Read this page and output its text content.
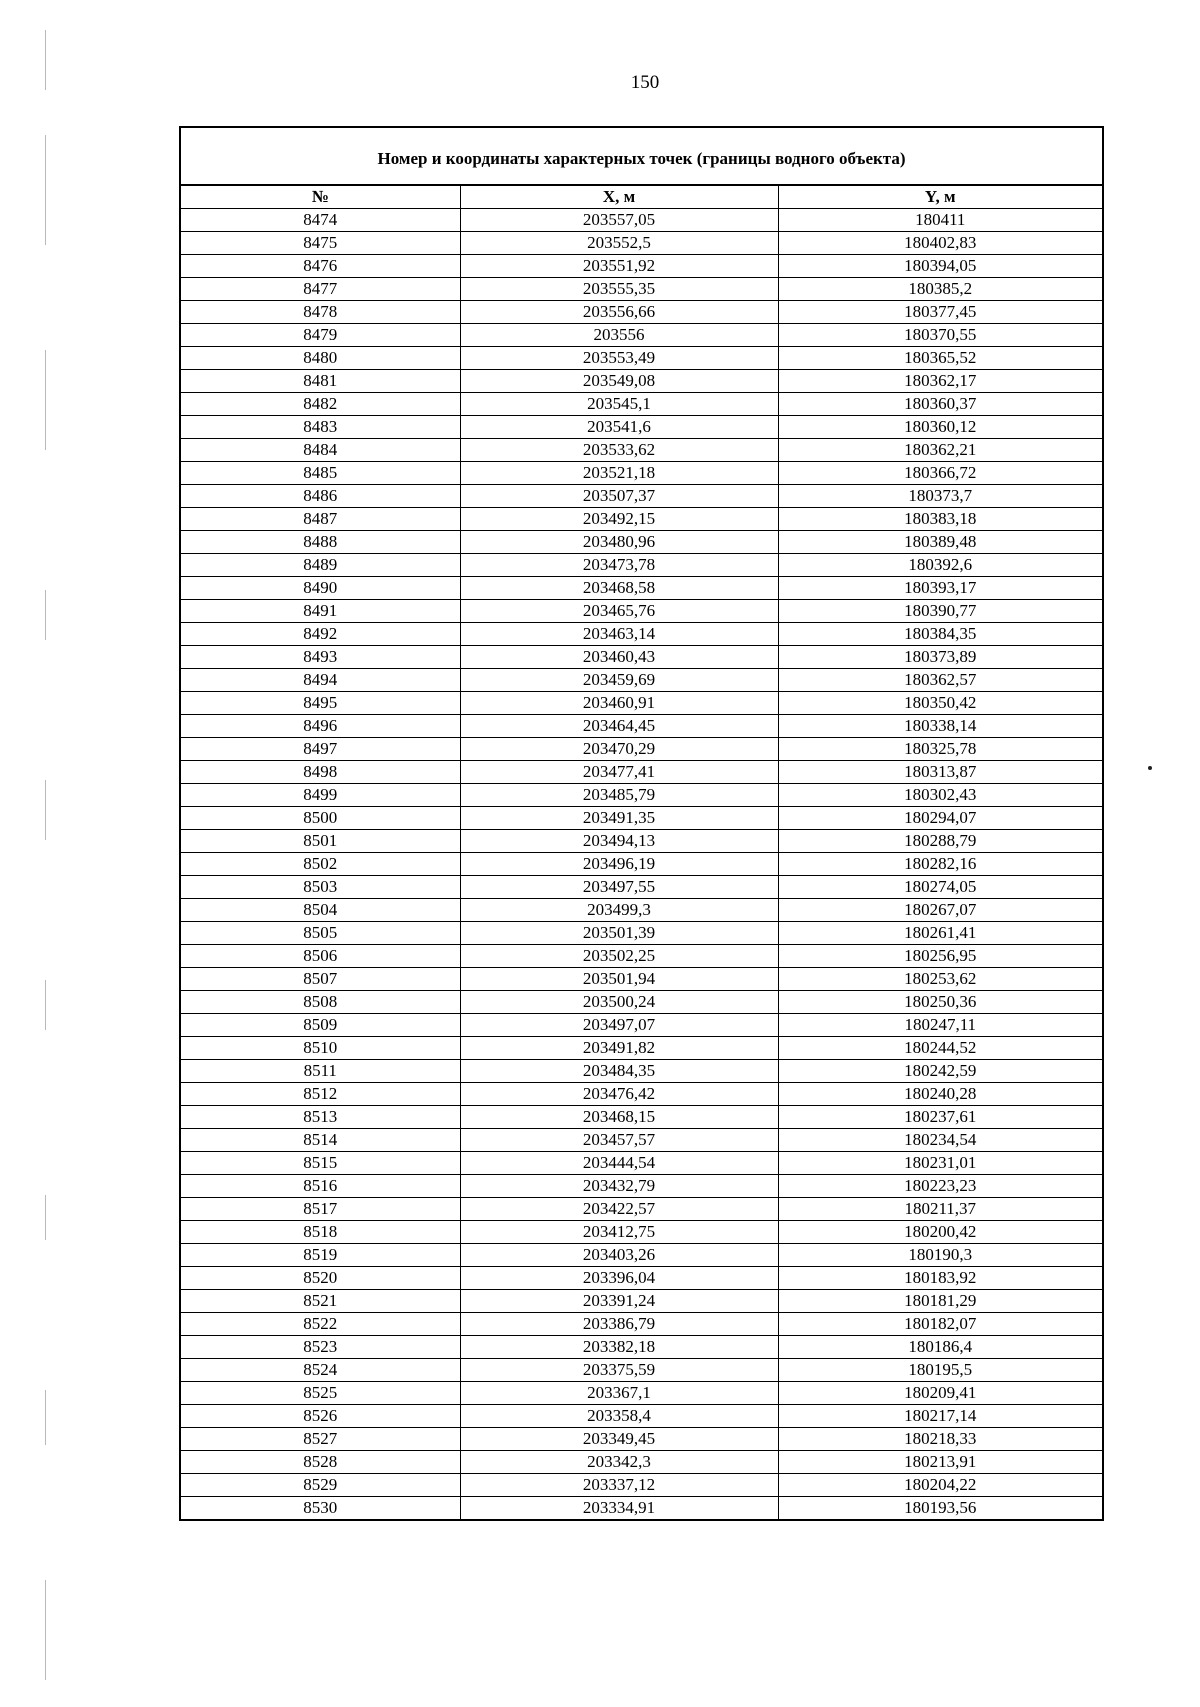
150
Номер и координаты характерных точек (границы водного объекта)		
№	X, м	Y, м
8474	203557,05	180411
8475	203552,5	180402,83
8476	203551,92	180394,05
8477	203555,35	180385,2
8478	203556,66	180377,45
8479	203556	180370,55
8480	203553,49	180365,52
8481	203549,08	180362,17
8482	203545,1	180360,37
8483	203541,6	180360,12
8484	203533,62	180362,21
8485	203521,18	180366,72
8486	203507,37	180373,7
8487	203492,15	180383,18
8488	203480,96	180389,48
8489	203473,78	180392,6
8490	203468,58	180393,17
8491	203465,76	180390,77
8492	203463,14	180384,35
8493	203460,43	180373,89
8494	203459,69	180362,57
8495	203460,91	180350,42
8496	203464,45	180338,14
8497	203470,29	180325,78
8498	203477,41	180313,87
8499	203485,79	180302,43
8500	203491,35	180294,07
8501	203494,13	180288,79
8502	203496,19	180282,16
8503	203497,55	180274,05
8504	203499,3	180267,07
8505	203501,39	180261,41
8506	203502,25	180256,95
8507	203501,94	180253,62
8508	203500,24	180250,36
8509	203497,07	180247,11
8510	203491,82	180244,52
8511	203484,35	180242,59
8512	203476,42	180240,28
8513	203468,15	180237,61
8514	203457,57	180234,54
8515	203444,54	180231,01
8516	203432,79	180223,23
8517	203422,57	180211,37
8518	203412,75	180200,42
8519	203403,26	180190,3
8520	203396,04	180183,92
8521	203391,24	180181,29
8522	203386,79	180182,07
8523	203382,18	180186,4
8524	203375,59	180195,5
8525	203367,1	180209,41
8526	203358,4	180217,14
8527	203349,45	180218,33
8528	203342,3	180213,91
8529	203337,12	180204,22
8530	203334,91	180193,56
